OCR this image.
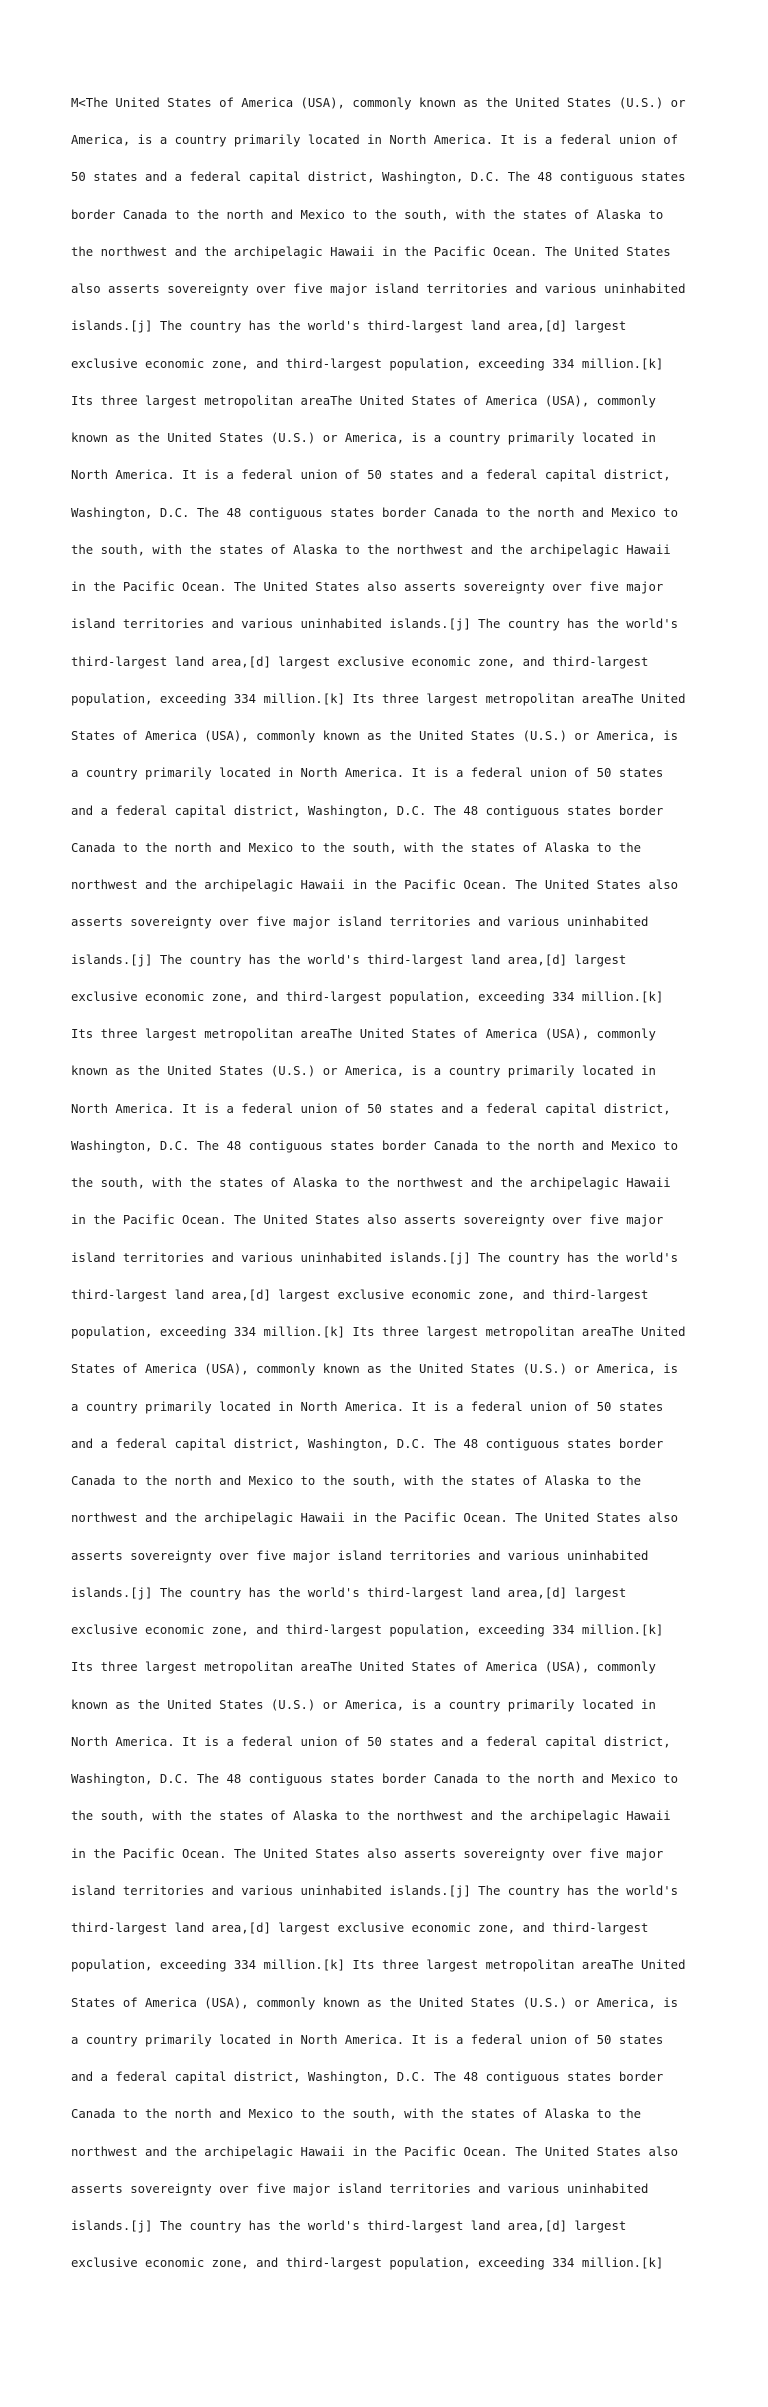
M<The United States of America (USA), commonly known as the United States (U.S.) or

America, is a country primarily located in North America. It is a federal union of

50 states and a federal capital district, Washington, D.C. The 48 contiguous states

border Canada to the north and Mexico to the south, with the states of Alaska to

the northwest and the archipelagic Hawaii in the Pacific Ocean. The United States

also asserts sovereignty over five major island territories and various uninhabited

islands.[j] The country has the world's third-largest land area,[d] largest

exclusive economic zone, and third-largest population, exceeding 334 million.[k]

Its three largest metropolitan areaThe United States of America (USA), commonly

known as the United States (U.S.) or America, is a country primarily located in

North America. It is a federal union of 50 states and a federal capital district,

Washington, D.C. The 48 contiguous states border Canada to the north and Mexico to

the south, with the states of Alaska to the northwest and the archipelagic Hawaii

in the Pacific Ocean. The United States also asserts sovereignty over five major

island territories and various uninhabited islands.[j] The country has the world's

third-largest land area,[d] largest exclusive economic zone, and third-largest

population, exceeding 334 million.[k] Its three largest metropolitan areaThe United

States of America (USA), commonly known as the United States (U.S.) or America, is

a country primarily located in North America. It is a federal union of 50 states

and a federal capital district, Washington, D.C. The 48 contiguous states border

Canada to the north and Mexico to the south, with the states of Alaska to the

northwest and the archipelagic Hawaii in the Pacific Ocean. The United States also

asserts sovereignty over five major island territories and various uninhabited

islands.[j] The country has the world's third-largest land area,[d] largest

exclusive economic zone, and third-largest population, exceeding 334 million.[k]

Its three largest metropolitan areaThe United States of America (USA), commonly

known as the United States (U.S.) or America, is a country primarily located in

North America. It is a federal union of 50 states and a federal capital district,

Washington, D.C. The 48 contiguous states border Canada to the north and Mexico to

the south, with the states of Alaska to the northwest and the archipelagic Hawaii

in the Pacific Ocean. The United States also asserts sovereignty over five major

island territories and various uninhabited islands.[j] The country has the world's

third-largest land area,[d] largest exclusive economic zone, and third-largest

population, exceeding 334 million.[k] Its three largest metropolitan areaThe United

States of America (USA), commonly known as the United States (U.S.) or America, is

a country primarily located in North America. It is a federal union of 50 states

and a federal capital district, Washington, D.C. The 48 contiguous states border

Canada to the north and Mexico to the south, with the states of Alaska to the

northwest and the archipelagic Hawaii in the Pacific Ocean. The United States also

asserts sovereignty over five major island territories and various uninhabited

islands.[j] The country has the world's third-largest land area,[d] largest

exclusive economic zone, and third-largest population, exceeding 334 million.[k]

Its three largest metropolitan areaThe United States of America (USA), commonly

known as the United States (U.S.) or America, is a country primarily located in

North America. It is a federal union of 50 states and a federal capital district,

Washington, D.C. The 48 contiguous states border Canada to the north and Mexico to

the south, with the states of Alaska to the northwest and the archipelagic Hawaii

in the Pacific Ocean. The United States also asserts sovereignty over five major

island territories and various uninhabited islands.[j] The country has the world's

third-largest land area,[d] largest exclusive economic zone, and third-largest

population, exceeding 334 million.[k] Its three largest metropolitan areaThe United

States of America (USA), commonly known as the United States (U.S.) or America, is

a country primarily located in North America. It is a federal union of 50 states

and a federal capital district, Washington, D.C. The 48 contiguous states border

Canada to the north and Mexico to the south, with the states of Alaska to the

northwest and the archipelagic Hawaii in the Pacific Ocean. The United States also

asserts sovereignty over five major island territories and various uninhabited

islands.[j] The country has the world's third-largest land area,[d] largest

exclusive economic zone, and third-largest population, exceeding 334 million.[k]
